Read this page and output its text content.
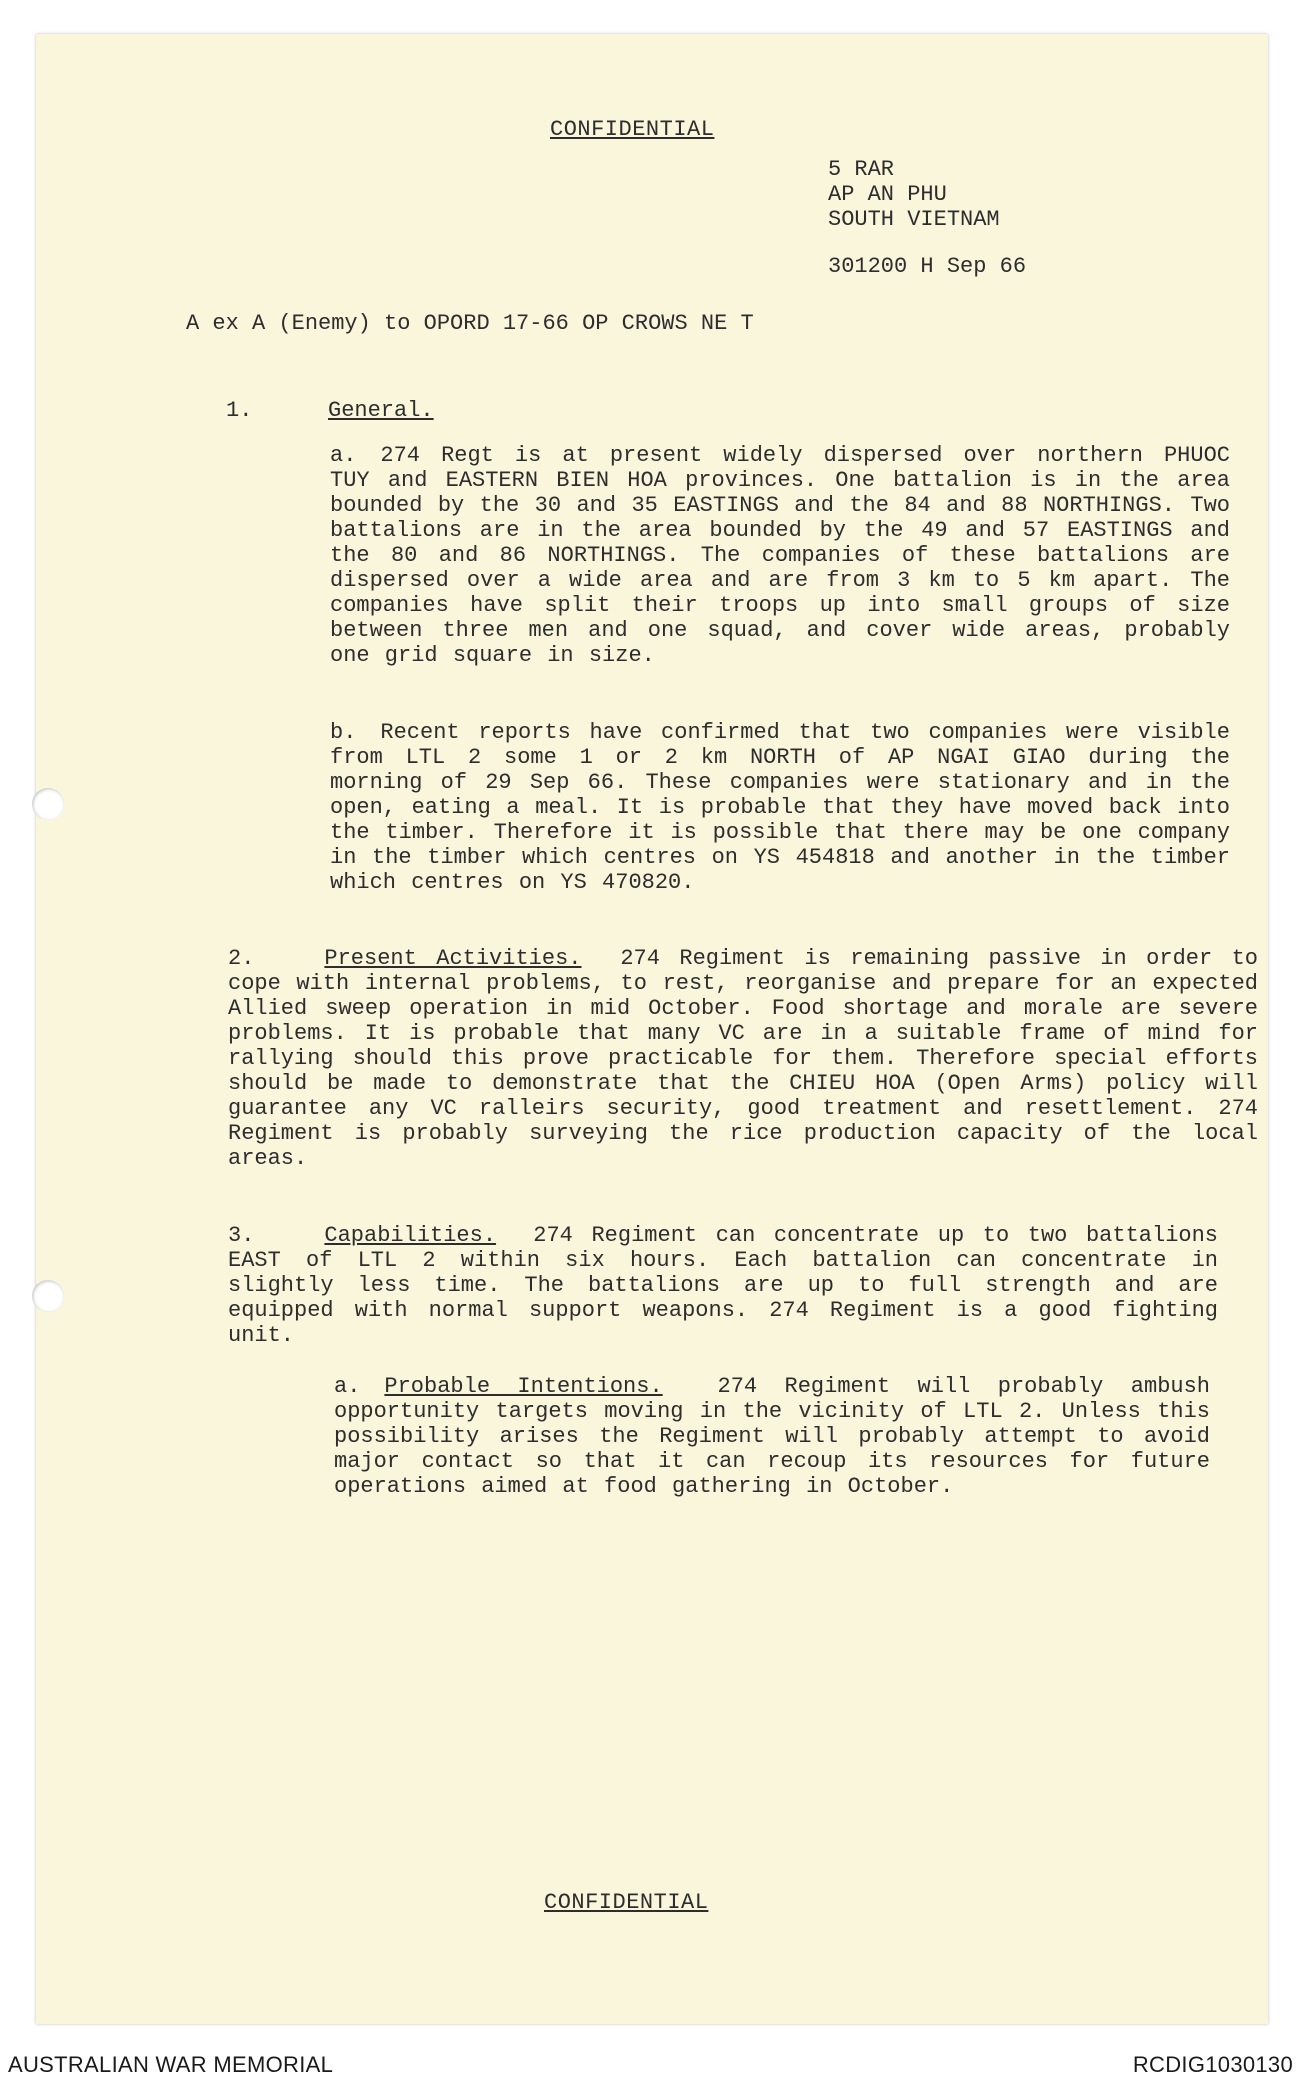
CONFIDENTIAL
5 RAR
AP AN PHU
SOUTH VIETNAM
301200 H Sep 66
A ex A (Enemy) to OPORD 17-66 OP CROWS NE T
1.	General.
a. 274 Regt is at present widely dispersed over northern PHUOC TUY and EASTERN BIEN HOA provinces. One battalion is in the area bounded by the 30 and 35 EASTINGS and the 84 and 88 NORTHINGS. Two battalions are in the area bounded by the 49 and 57 EASTINGS and the 80 and 86 NORTHINGS. The companies of these battalions are dispersed over a wide area and are from 3 km to 5 km apart. The companies have split their troops up into small groups of size between three men and one squad, and cover wide areas, probably one grid square in size.
b. Recent reports have confirmed that two companies were visible from LTL 2 some 1 or 2 km NORTH of AP NGAI GIAO during the morning of 29 Sep 66. These companies were stationary and in the open, eating a meal. It is probable that they have moved back into the timber. Therefore it is possible that there may be one company in the timber which centres on YS 454818 and another in the timber which centres on YS 470820.
2.	Present Activities. 274 Regiment is remaining passive in order to cope with internal problems, to rest, reorganise and prepare for an expected Allied sweep operation in mid October. Food shortage and morale are severe problems. It is probable that many VC are in a suitable frame of mind for rallying should this prove practicable for them. Therefore special efforts should be made to demonstrate that the CHIEU HOA (Open Arms) policy will guarantee any VC ralleirs security, good treatment and resettlement. 274 Regiment is probably surveying the rice production capacity of the local areas.
3.	Capabilities. 274 Regiment can concentrate up to two battalions EAST of LTL 2 within six hours. Each battalion can concentrate in slightly less time. The battalions are up to full strength and are equipped with normal support weapons. 274 Regiment is a good fighting unit.
a. Probable Intentions. 274 Regiment will probably ambush opportunity targets moving in the vicinity of LTL 2. Unless this possibility arises the Regiment will probably attempt to avoid major contact so that it can recoup its resources for future operations aimed at food gathering in October.
CONFIDENTIAL
AUSTRALIAN WAR MEMORIAL	RCDIG1030130
